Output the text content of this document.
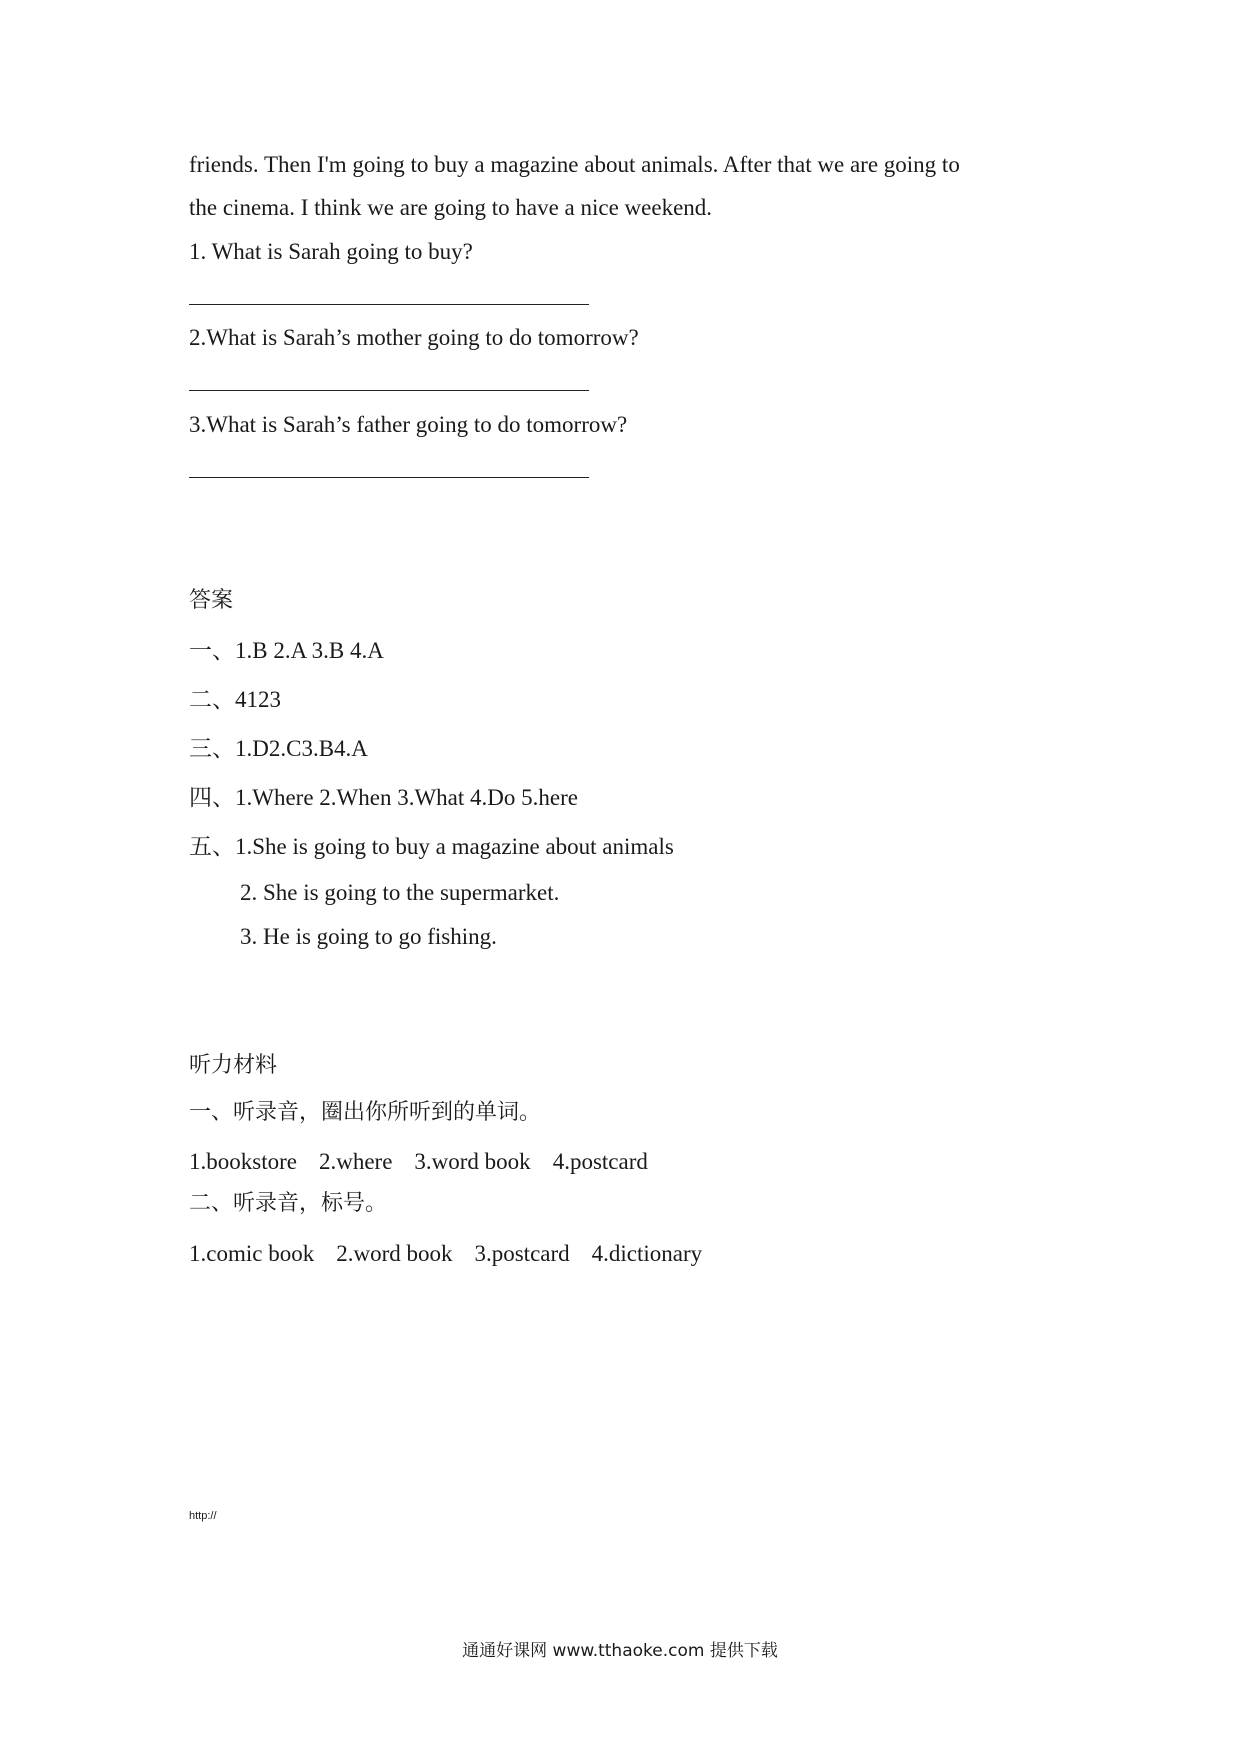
friends. Then I'm going to buy a magazine about animals. After that we are going to
the cinema. I think we are going to have a nice weekend.
1. What is Sarah going to buy?
2.What is Sarah’s mother going to do tomorrow?
3.What is Sarah’s father going to do tomorrow?
答案
一、1.B 2.A 3.B 4.A
二、4123
三、1.D2.C3.B4.A
四、1.Where 2.When 3.What 4.Do 5.here
五、1.She is going to buy a magazine about animals
2. She is going to the supermarket.
3. He is going to go fishing.
听力材料
一、听录音，圈出你所听到的单词。
1.bookstore 2.where 3.word book 4.postcard
二、听录音，标号。
1.comic book 2.word book 3.postcard 4.dictionary
http://
通通好课网 www.tthaoke.com 提供下载
